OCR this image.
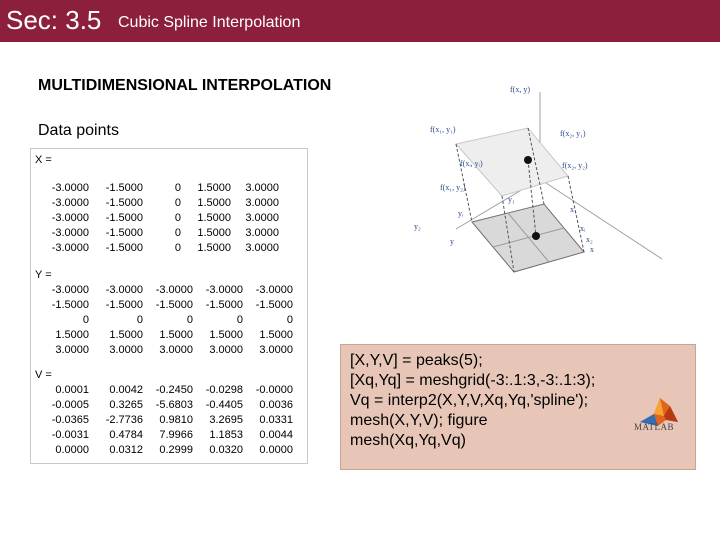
Sec: 3.5 Cubic Spline Interpolation
MULTIDIMENSIONAL INTERPOLATION
Data points
X =
-3.0000 -1.5000	0 1.5000 3.0000
-3.0000 -1.5000	0 1.5000 3.0000
-3.0000 -1.5000	0 1.5000 3.0000
-3.0000 -1.5000	0 1.5000 3.0000
-3.0000 -1.5000	0 1.5000 3.0000
Y =
-3.0000 -3.0000 -3.0000 -3.0000 -3.0000
-1.5000 -1.5000 -1.5000 -1.5000 -1.5000
0	0	0	0	0
1.5000 1.5000 1.5000 1.5000 1.5000
3.0000 3.0000 3.0000 3.0000 3.0000
V =
0.0001 0.0042 -0.2450 -0.0298 -0.0000
-0.0005 0.3265 -5.6803 -0.4405 0.0036
-0.0365 -2.7736 0.9810 3.2695 0.0331
-0.0031 0.4784 7.9966 1.1853 0.0044
0.0000 0.0312 0.2999 0.0320 0.0000
f(x, y)
f(x₁, y₁)	f(x₂, y₁)
f(xᵢ, yᵢ)	f(x₂, y₂)
f(x₁, y₂)
y₁
yᵢ
y₂
y
x₁
xᵢ
x₂
x
[X,Y,V] = peaks(5);
[Xq,Yq] = meshgrid(-3:.1:3,-3:.1:3);
Vq = interp2(X,Y,V,Xq,Yq,'spline');
mesh(X,Y,V); figure
mesh(Xq,Yq,Vq)
MATLAB
